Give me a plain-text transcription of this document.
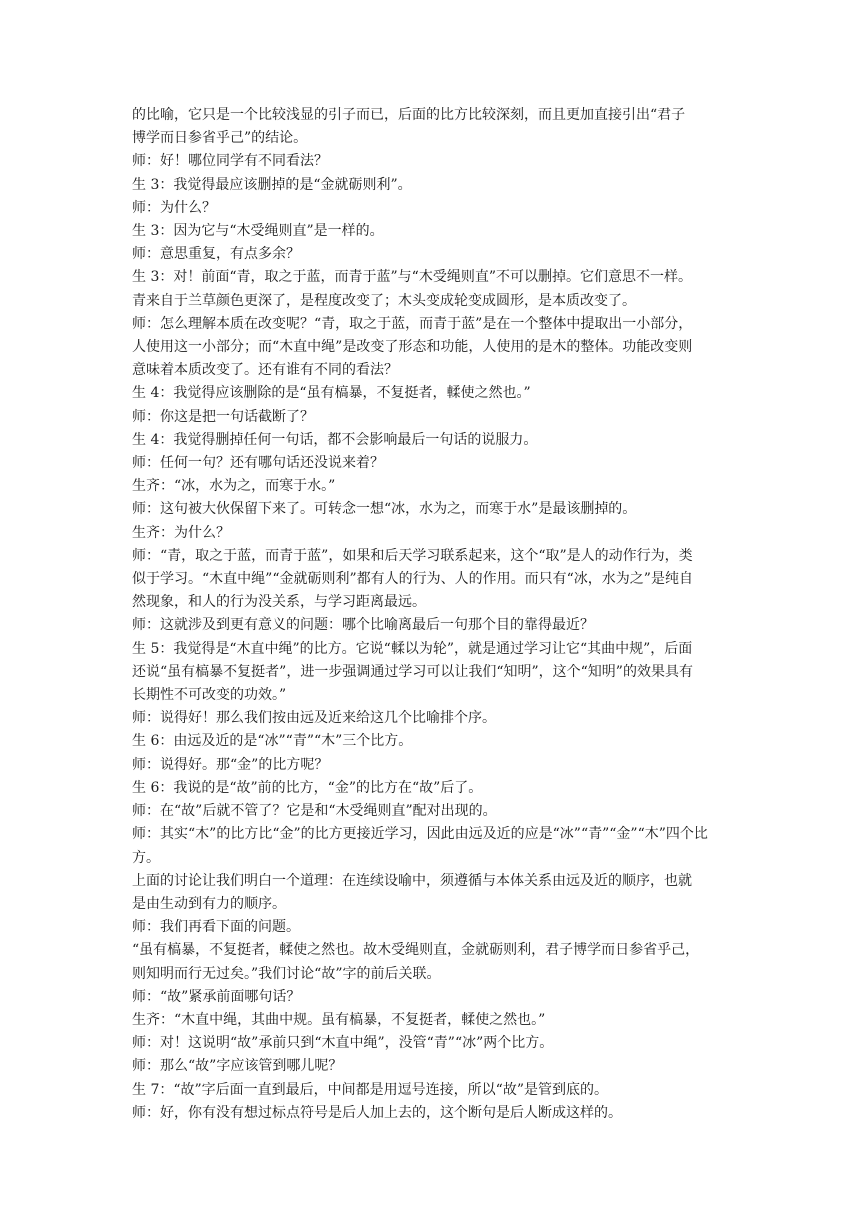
的比喻，它只是一个比较浅显的引子而已，后面的比方比较深刻，而且更加直接引出“君子
博学而日参省乎己”的结论。
师：好！哪位同学有不同看法？
生 3：我觉得最应该删掉的是“金就砺则利”。
师：为什么？
生 3：因为它与“木受绳则直”是一样的。
师：意思重复，有点多余？
生 3：对！前面“青，取之于蓝，而青于蓝”与“木受绳则直”不可以删掉。它们意思不一样。
青来自于兰草颜色更深了，是程度改变了；木头变成轮变成圆形，是本质改变了。
师：怎么理解本质在改变呢？“青，取之于蓝，而青于蓝”是在一个整体中提取出一小部分，
人使用这一小部分；而“木直中绳”是改变了形态和功能，人使用的是木的整体。功能改变则
意味着本质改变了。还有谁有不同的看法？
生 4：我觉得应该删除的是“虽有槁暴，不复挺者，輮使之然也。”
师：你这是把一句话截断了？
生 4：我觉得删掉任何一句话，都不会影响最后一句话的说服力。
师：任何一句？还有哪句话还没说来着？
生齐：“冰，水为之，而寒于水。”
师：这句被大伙保留下来了。可转念一想“冰，水为之，而寒于水”是最该删掉的。
生齐：为什么？
师：“青，取之于蓝，而青于蓝”，如果和后天学习联系起来，这个“取”是人的动作行为，类
似于学习。“木直中绳”“金就砺则利”都有人的行为、人的作用。而只有“冰，水为之”是纯自
然现象，和人的行为没关系，与学习距离最远。
师：这就涉及到更有意义的问题：哪个比喻离最后一句那个目的靠得最近？
生 5：我觉得是“木直中绳”的比方。它说“輮以为轮”，就是通过学习让它“其曲中规”，后面
还说“虽有槁暴不复挺者”，进一步强调通过学习可以让我们“知明”，这个“知明”的效果具有
长期性不可改变的功效。”
师：说得好！那么我们按由远及近来给这几个比喻排个序。
生 6：由远及近的是“冰”“青”“木”三个比方。
师：说得好。那“金”的比方呢？
生 6：我说的是“故”前的比方，“金”的比方在“故”后了。
师：在“故”后就不管了？它是和“木受绳则直”配对出现的。
师：其实“木”的比方比“金”的比方更接近学习，因此由远及近的应是“冰”“青”“金”“木”四个比
方。
上面的讨论让我们明白一个道理：在连续设喻中，须遵循与本体关系由远及近的顺序，也就
是由生动到有力的顺序。
师：我们再看下面的问题。
“虽有槁暴，不复挺者，輮使之然也。故木受绳则直，金就砺则利，君子博学而日参省乎己，
则知明而行无过矣。”我们讨论“故”字的前后关联。
师：“故”紧承前面哪句话？
生齐：“木直中绳，其曲中规。虽有槁暴，不复挺者，輮使之然也。”
师：对！这说明“故”承前只到“木直中绳”，没管“青”“冰”两个比方。
师：那么“故”字应该管到哪儿呢？
生 7：“故”字后面一直到最后，中间都是用逗号连接，所以“故”是管到底的。
师：好，你有没有想过标点符号是后人加上去的，这个断句是后人断成这样的。
